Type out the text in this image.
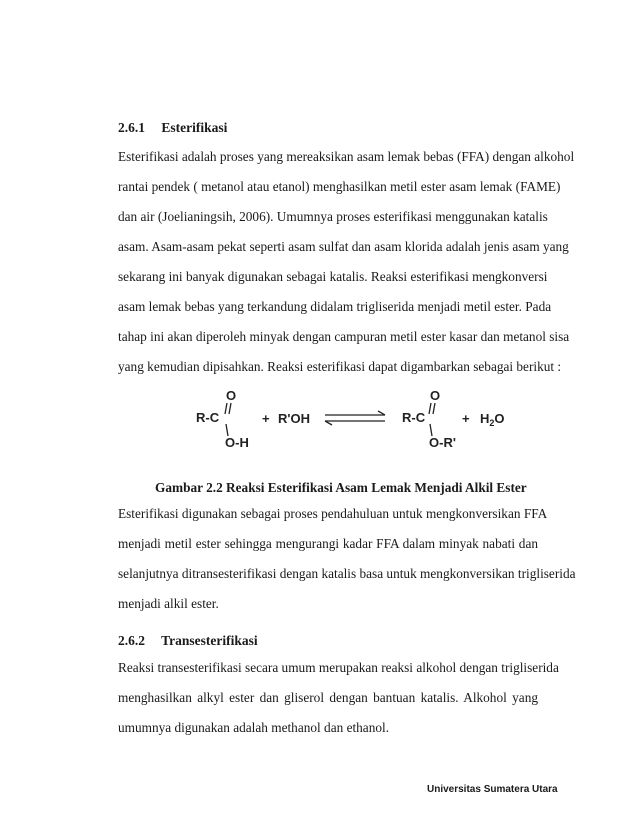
2.6.1 Esterifikasi
Esterifikasi adalah proses yang mereaksikan asam lemak bebas (FFA) dengan alkohol
rantai pendek ( metanol atau etanol) menghasilkan metil ester asam lemak (FAME)
dan air (Joelianingsih, 2006). Umumnya proses esterifikasi menggunakan katalis
asam. Asam-asam pekat seperti asam sulfat dan asam klorida adalah jenis asam yang
sekarang ini banyak digunakan sebagai katalis. Reaksi esterifikasi mengkonversi
asam lemak bebas yang terkandung didalam trigliserida menjadi metil ester. Pada
tahap ini akan diperoleh minyak dengan campuran metil ester kasar dan metanol sisa
yang kemudian dipisahkan. Reaksi esterifikasi dapat digambarkan sebagai berikut :
R-C
O
O-H
+ R'OH	R-C
O
O-R'
+ $H_2O$
Gambar 2.2 Reaksi Esterifikasi Asam Lemak Menjadi Alkil Ester
Esterifikasi digunakan sebagai proses pendahuluan untuk mengkonversikan FFA
menjadi metil ester sehingga mengurangi kadar FFA dalam minyak nabati dan
selanjutnya ditransesterifikasi dengan katalis basa untuk mengkonversikan trigliserida
menjadi alkil ester.
2.6.2 Transesterifikasi
Reaksi transesterifikasi secara umum merupakan reaksi alkohol dengan trigliserida
menghasilkan alkyl ester dan gliserol dengan bantuan katalis. Alkohol yang
umumnya digunakan adalah methanol dan ethanol.
Universitas Sumatera Utara
